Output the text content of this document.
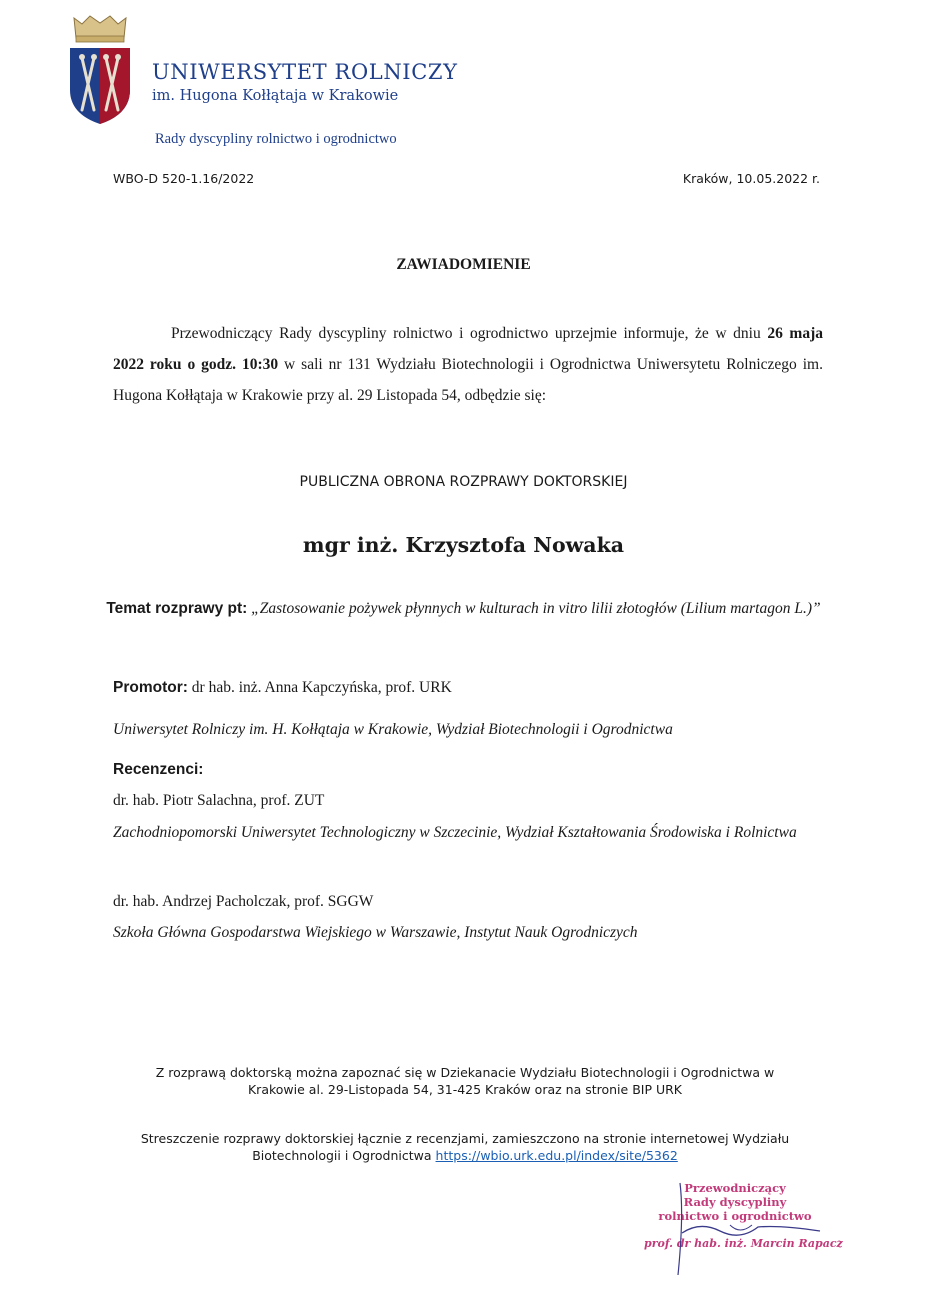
UNIWERSYTET ROLNICZY
im. Hugona Kołłątaja w Krakowie
Rady dyscypliny rolnictwo i ogrodnictwo
WBO-D 520-1.16/2022	Kraków, 10.05.2022 r.
ZAWIADOMIENIE

Przewodniczący Rady dyscypliny rolnictwo i ogrodnictwo uprzejmie informuje, że w dniu 26 maja 2022 roku o godz. 10:30 w sali nr 131 Wydziału Biotechnologii i Ogrodnictwa Uniwersytetu Rolniczego im. Hugona Kołłątaja w Krakowie przy al. 29 Listopada 54, odbędzie się:

PUBLICZNA OBRONA ROZPRAWY DOKTORSKIEJ
mgr inż. Krzysztofa Nowaka
Temat rozprawy pt: „Zastosowanie pożywek płynnych w kulturach in vitro lilii złotogłów (Lilium martagon L.)”
Promotor: dr hab. inż. Anna Kapczyńska, prof. URK
Uniwersytet Rolniczy im. H. Kołłątaja w Krakowie, Wydział Biotechnologii i Ogrodnictwa
Recenzenci:
dr. hab. Piotr Salachna, prof. ZUT
Zachodniopomorski Uniwersytet Technologiczny w Szczecinie, Wydział Kształtowania Środowiska i Rolnictwa
dr. hab. Andrzej Pacholczak, prof. SGGW
Szkoła Główna Gospodarstwa Wiejskiego w Warszawie, Instytut Nauk Ogrodniczych
Z rozprawą doktorską można zapoznać się w Dziekanacie Wydziału Biotechnologii i Ogrodnictwa w Krakowie al. 29-Listopada 54, 31-425 Kraków oraz na stronie BIP URK
Streszczenie rozprawy doktorskiej łącznie z recenzjami, zamieszczono na stronie internetowej Wydziału Biotechnologii i Ogrodnictwa https://wbio.urk.edu.pl/index/site/5362
Przewodniczący
Rady dyscypliny
rolnictwo i ogrodnictwo
prof. dr hab. inż. Marcin Rapacz
